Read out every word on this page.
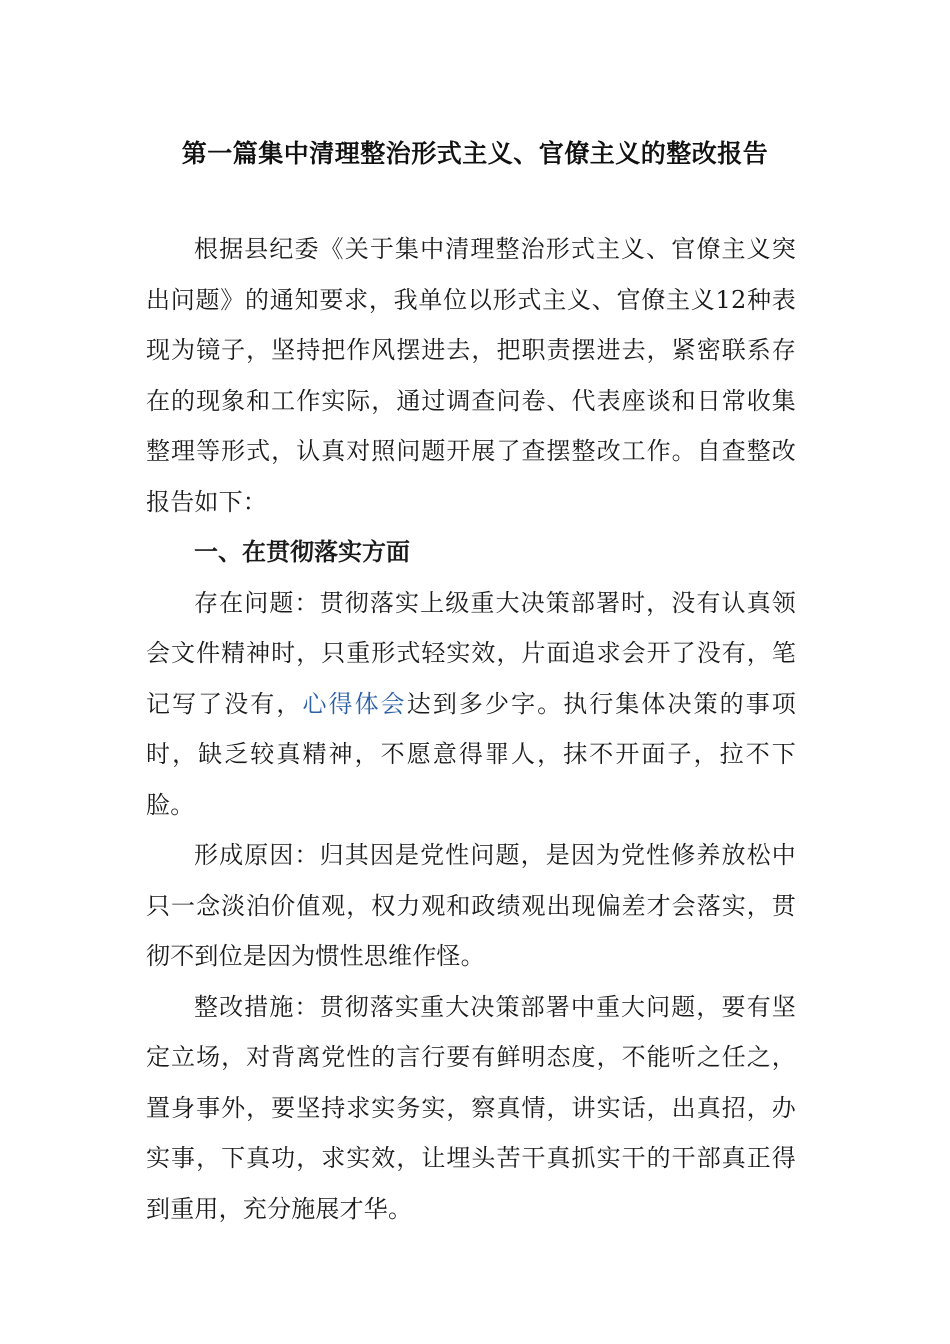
第一篇集中清理整治形式主义、官僚主义的整改报告

根据县纪委《关于集中清理整治形式主义、官僚主义突出问题》的通知要求，我单位以形式主义、官僚主义12种表现为镜子，坚持把作风摆进去，把职责摆进去，紧密联系存在的现象和工作实际，通过调查问卷、代表座谈和日常收集整理等形式，认真对照问题开展了查摆整改工作。自查整改报告如下：

一、在贯彻落实方面

存在问题：贯彻落实上级重大决策部署时，没有认真领会文件精神时，只重形式轻实效，片面追求会开了没有，笔记写了没有，心得体会达到多少字。执行集体决策的事项时，缺乏较真精神，不愿意得罪人，抹不开面子，拉不下脸。

形成原因：归其因是党性问题，是因为党性修养放松中只一念淡泊价值观，权力观和政绩观出现偏差才会落实，贯彻不到位是因为惯性思维作怪。

整改措施：贯彻落实重大决策部署中重大问题，要有坚定立场，对背离党性的言行要有鲜明态度，不能听之任之，置身事外，要坚持求实务实，察真情，讲实话，出真招，办实事，下真功，求实效，让埋头苦干真抓实干的干部真正得到重用，充分施展才华。
